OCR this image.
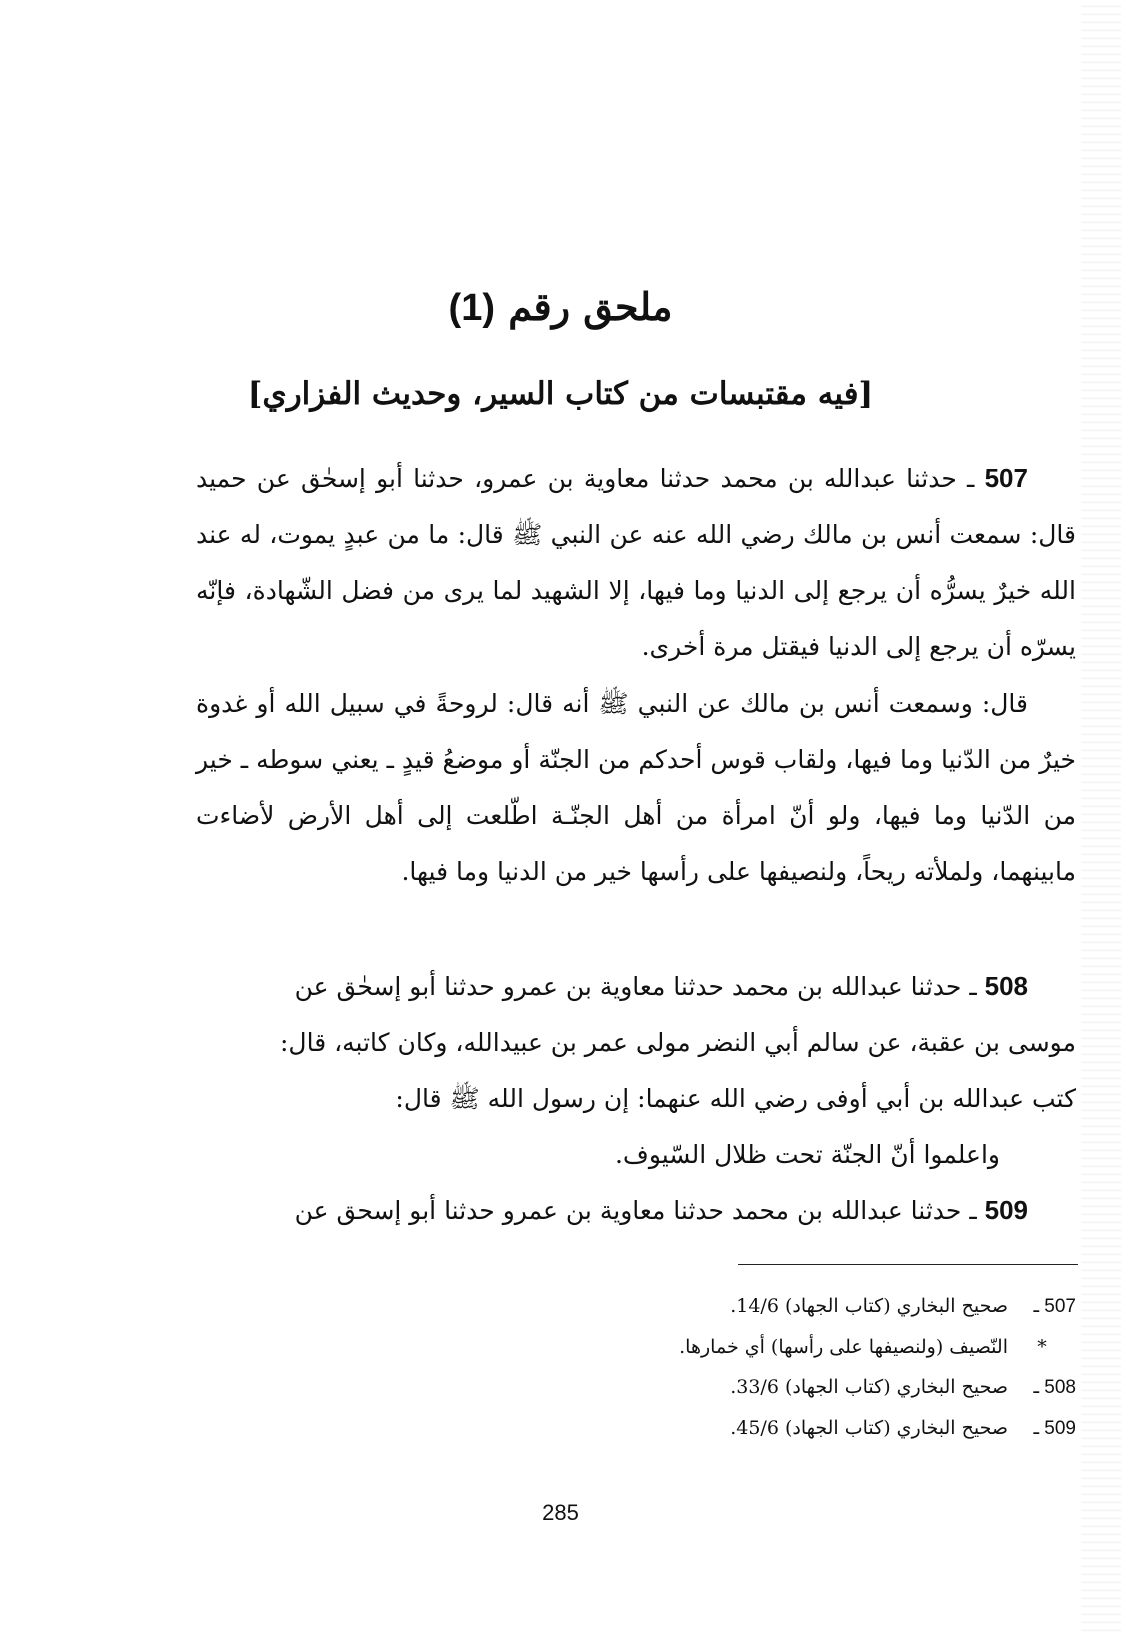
ملحق رقم (1)
[فيه مقتبسات من كتاب السير، وحديث الفزاري]

507 ـ حدثنا عبدالله بن محمد حدثنا معاوية بن عمرو، حدثنا أبو إسحٰق عن حميد قال: سمعت أنس بن مالك رضي الله عنه عن النبي ﷺ قال: ما من عبدٍ يموت، له عند الله خيرٌ يسرُّه أن يرجع إلى الدنيا وما فيها، إلا الشهيد لما يرى من فضل الشّهادة، فإنّه يسرّه أن يرجع إلى الدنيا فيقتل مرة أخرى.

قال: وسمعت أنس بن مالك عن النبي ﷺ أنه قال: لروحةً في سبيل الله أو غدوة خيرٌ من الدّنيا وما فيها، ولقاب قوس أحدكم من الجنّة أو موضعُ قيدٍ ـ يعني سوطه ـ خير من الدّنيا وما فيها، ولو أنّ امرأة من أهل الجنّـة اطّلعت إلى أهل الأرض لأضاءت مابينهما، ولملأته ريحاً، ولنصيفها على رأسها خير من الدنيا وما فيها.

508 ـ حدثنا عبدالله بن محمد حدثنا معاوية بن عمرو حدثنا أبو إسحٰق عن
موسى بن عقبة، عن سالم أبي النضر مولى عمر بن عبيدالله، وكان كاتبه، قال:
كتب عبدالله بن أبي أوفى رضي الله عنهما: إن رسول الله ﷺ قال:
واعلموا أنّ الجنّة تحت ظلال السّيوف.

509 ـ حدثنا عبدالله بن محمد حدثنا معاوية بن عمرو حدثنا أبو إسحق عن

507 ـصحيح البخاري (كتاب الجهاد) 14/6.
*النّصيف (ولنصيفها على رأسها) أي خمارها.
508 ـصحيح البخاري (كتاب الجهاد) 33/6.
509 ـصحيح البخاري (كتاب الجهاد) 45/6.
285
